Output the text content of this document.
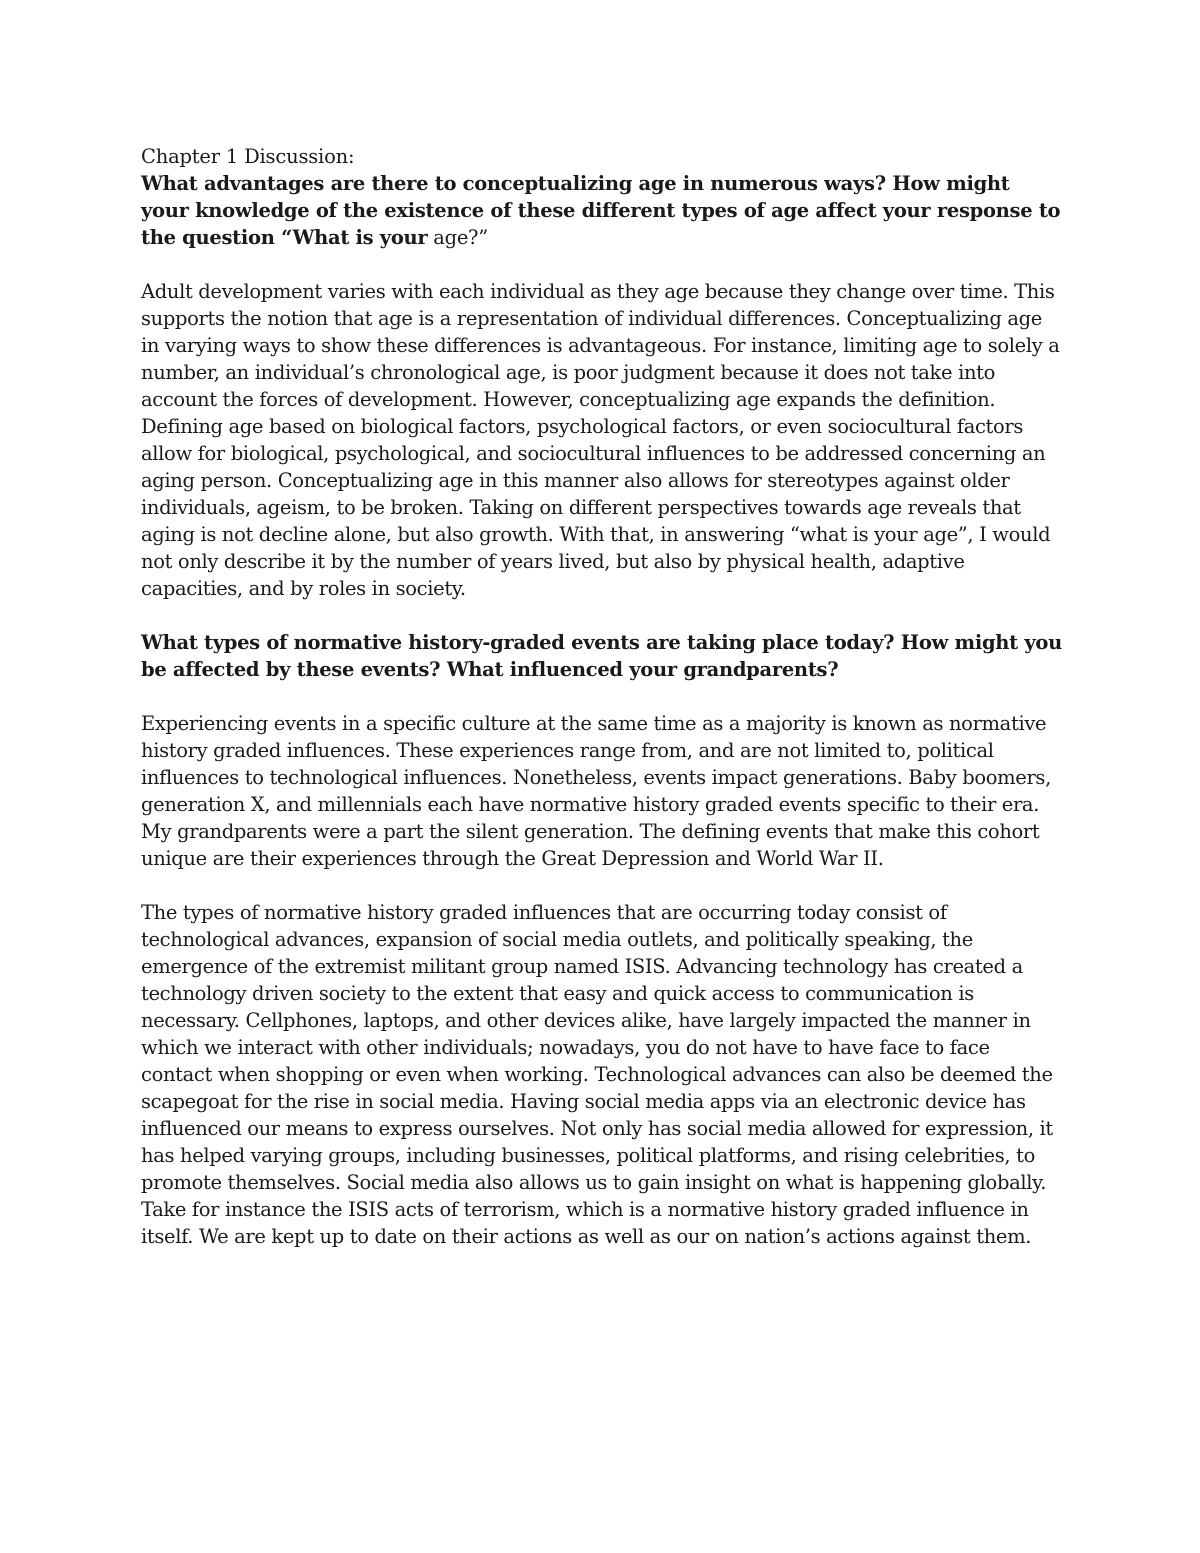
Chapter 1 Discussion:

What advantages are there to conceptualizing age in numerous ways? How might your knowledge of the existence of these different types of age affect your response to the question “What is your age?”

Adult development varies with each individual as they age because they change over time. This supports the notion that age is a representation of individual differences. Conceptualizing age in varying ways to show these differences is advantageous. For instance, limiting age to solely a number, an individual’s chronological age, is poor judgment because it does not take into account the forces of development. However, conceptualizing age expands the definition. Defining age based on biological factors, psychological factors, or even sociocultural factors allow for biological, psychological, and sociocultural influences to be addressed concerning an aging person. Conceptualizing age in this manner also allows for stereotypes against older individuals, ageism, to be broken. Taking on different perspectives towards age reveals that aging is not decline alone, but also growth. With that, in answering “what is your age”, I would not only describe it by the number of years lived, but also by physical health, adaptive capacities, and by roles in society.

What types of normative history-graded events are taking place today? How might you be affected by these events? What influenced your grandparents?

Experiencing events in a specific culture at the same time as a majority is known as normative history graded influences. These experiences range from, and are not limited to, political influences to technological influences. Nonetheless, events impact generations. Baby boomers, generation X, and millennials each have normative history graded events specific to their era. My grandparents were a part the silent generation. The defining events that make this cohort unique are their experiences through the Great Depression and World War II.

The types of normative history graded influences that are occurring today consist of technological advances, expansion of social media outlets, and politically speaking, the emergence of the extremist militant group named ISIS. Advancing technology has created a technology driven society to the extent that easy and quick access to communication is necessary. Cellphones, laptops, and other devices alike, have largely impacted the manner in which we interact with other individuals; nowadays, you do not have to have face to face contact when shopping or even when working. Technological advances can also be deemed the scapegoat for the rise in social media. Having social media apps via an electronic device has influenced our means to express ourselves. Not only has social media allowed for expression, it has helped varying groups, including businesses, political platforms, and rising celebrities, to promote themselves. Social media also allows us to gain insight on what is happening globally. Take for instance the ISIS acts of terrorism, which is a normative history graded influence in itself. We are kept up to date on their actions as well as our on nation’s actions against them.
